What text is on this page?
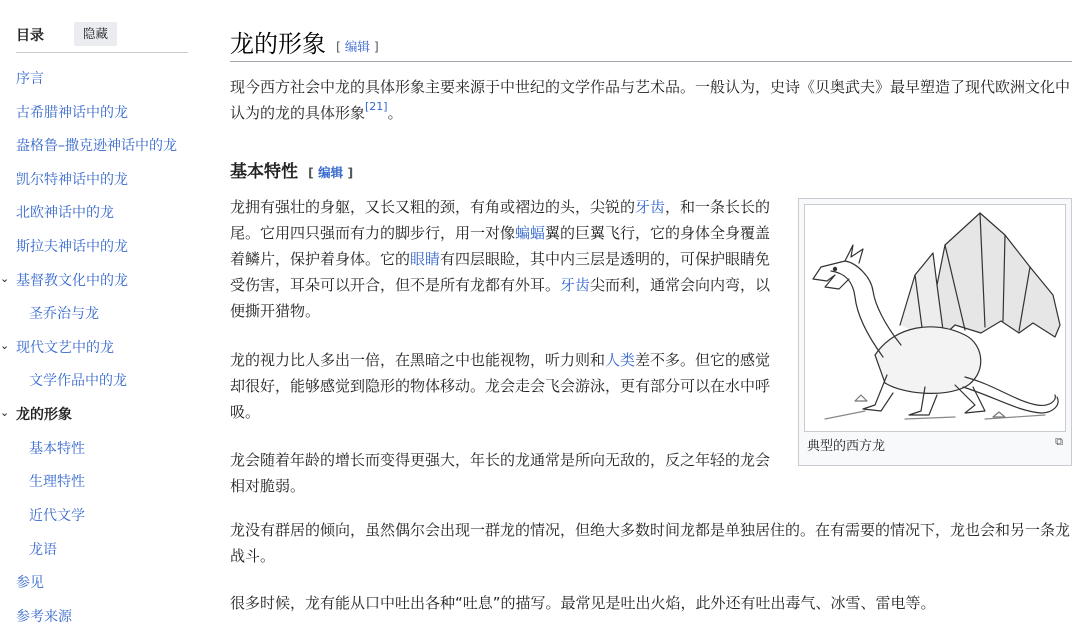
目录	隐藏
序言
古希腊神话中的龙
盎格鲁–撒克逊神话中的龙
凯尔特神话中的龙
北欧神话中的龙
斯拉夫神话中的龙
⌄ 基督教文化中的龙
圣乔治与龙
⌄ 现代文艺中的龙
文学作品中的龙
⌄ 龙的形象
基本特性
生理特性
近代文学
龙语
参见
参考来源
龙的形象 [ 编辑 ]

现今西方社会中龙的具体形象主要来源于中世纪的文学作品与艺术品。一般认为，史诗《贝奥武夫》最早塑造了现代欧洲文化中认为的龙的具体形象[21]。

基本特性 [ 编辑 ]

龙拥有强壮的身躯，又长又粗的颈，有角或褶边的头，尖锐的牙齿，和一条长长的尾。它用四只强而有力的脚步行，用一对像蝙蝠翼的巨翼飞行，它的身体全身覆盖着鳞片，保护着身体。它的眼睛有四层眼睑，其中内三层是透明的，可保护眼睛免受伤害，耳朵可以开合，但不是所有龙都有外耳。牙齿尖而利，通常会向内弯，以便撕开猎物。

龙的视力比人多出一倍，在黑暗之中也能视物，听力则和人类差不多。但它的感觉却很好，能够感觉到隐形的物体移动。龙会走会飞会游泳，更有部分可以在水中呼吸。

龙会随着年龄的增长而变得更强大，年长的龙通常是所向无敌的，反之年轻的龙会相对脆弱。

龙没有群居的倾向，虽然偶尔会出现一群龙的情况，但绝大多数时间龙都是单独居住的。在有需要的情况下，龙也会和另一条龙战斗。

很多时候，龙有能从口中吐出各种“吐息”的描写。最常见是吐出火焰，此外还有吐出毒气、冰雪、雷电等。

典型的西方龙	⧉
